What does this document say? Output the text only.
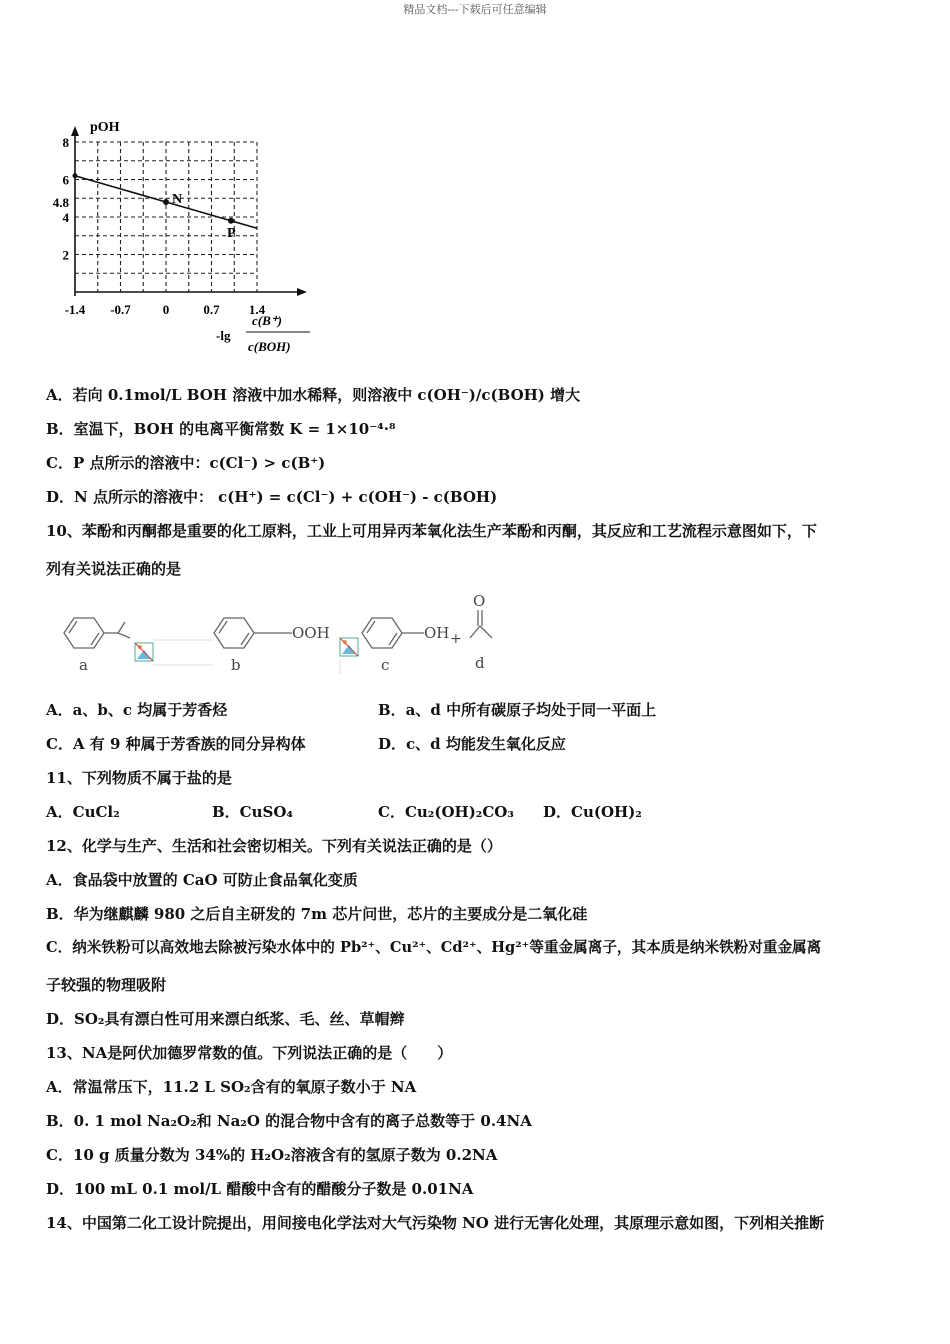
精品文档---下载后可任意编辑
-1.4 -0.7 0	0.7 1.4
2
4
4.8
6
8
N
P
pOH
-lg
c(B⁺)
c(BOH)
A．若向 0.1mol/L BOH 溶液中加水稀释，则溶液中 c(OH⁻)/c(BOH) 增大
B．室温下，BOH 的电离平衡常数 K = 1×10⁻⁴·⁸
C．P 点所示的溶液中：c(Cl⁻) > c(B⁺)
D．N 点所示的溶液中： c(H⁺) = c(Cl⁻) + c(OH⁻) - c(BOH)
10、苯酚和丙酮都是重要的化工原料，工业上可用异丙苯氧化法生产苯酚和丙酮，其反应和工艺流程示意图如下，下
列有关说法正确的是
a
OOH
b
OH +
c
O
d
A．a、b、c 均属于芳香烃	B．a、d 中所有碳原子均处于同一平面上
C．A 有 9 种属于芳香族的同分异构体	D．c、d 均能发生氧化反应
11、下列物质不属于盐的是
A．CuCl₂	B．CuSO₄	C．Cu₂(OH)₂CO₃ D．Cu(OH)₂
12、化学与生产、生活和社会密切相关。下列有关说法正确的是（）
A．食品袋中放置的 CaO 可防止食品氧化变质
B．华为继麒麟 980 之后自主研发的 7m 芯片问世，芯片的主要成分是二氧化硅
C．纳米铁粉可以高效地去除被污染水体中的 Pb²⁺、Cu²⁺、Cd²⁺、Hg²⁺等重金属离子，其本质是纳米铁粉对重金属离
子较强的物理吸附
D．SO₂具有漂白性可用来漂白纸浆、毛、丝、草帽辫
13、NA是阿伏加德罗常数的值。下列说法正确的是（　　）
A．常温常压下，11.2 L SO₂含有的氧原子数小于 NA
B．0. 1 mol Na₂O₂和 Na₂O 的混合物中含有的离子总数等于 0.4NA
C．10 g 质量分数为 34%的 H₂O₂溶液含有的氢原子数为 0.2NA
D．100 mL 0.1 mol/L 醋酸中含有的醋酸分子数是 0.01NA
14、中国第二化工设计院提出，用间接电化学法对大气污染物 NO 进行无害化处理，其原理示意如图，下列相关推断
